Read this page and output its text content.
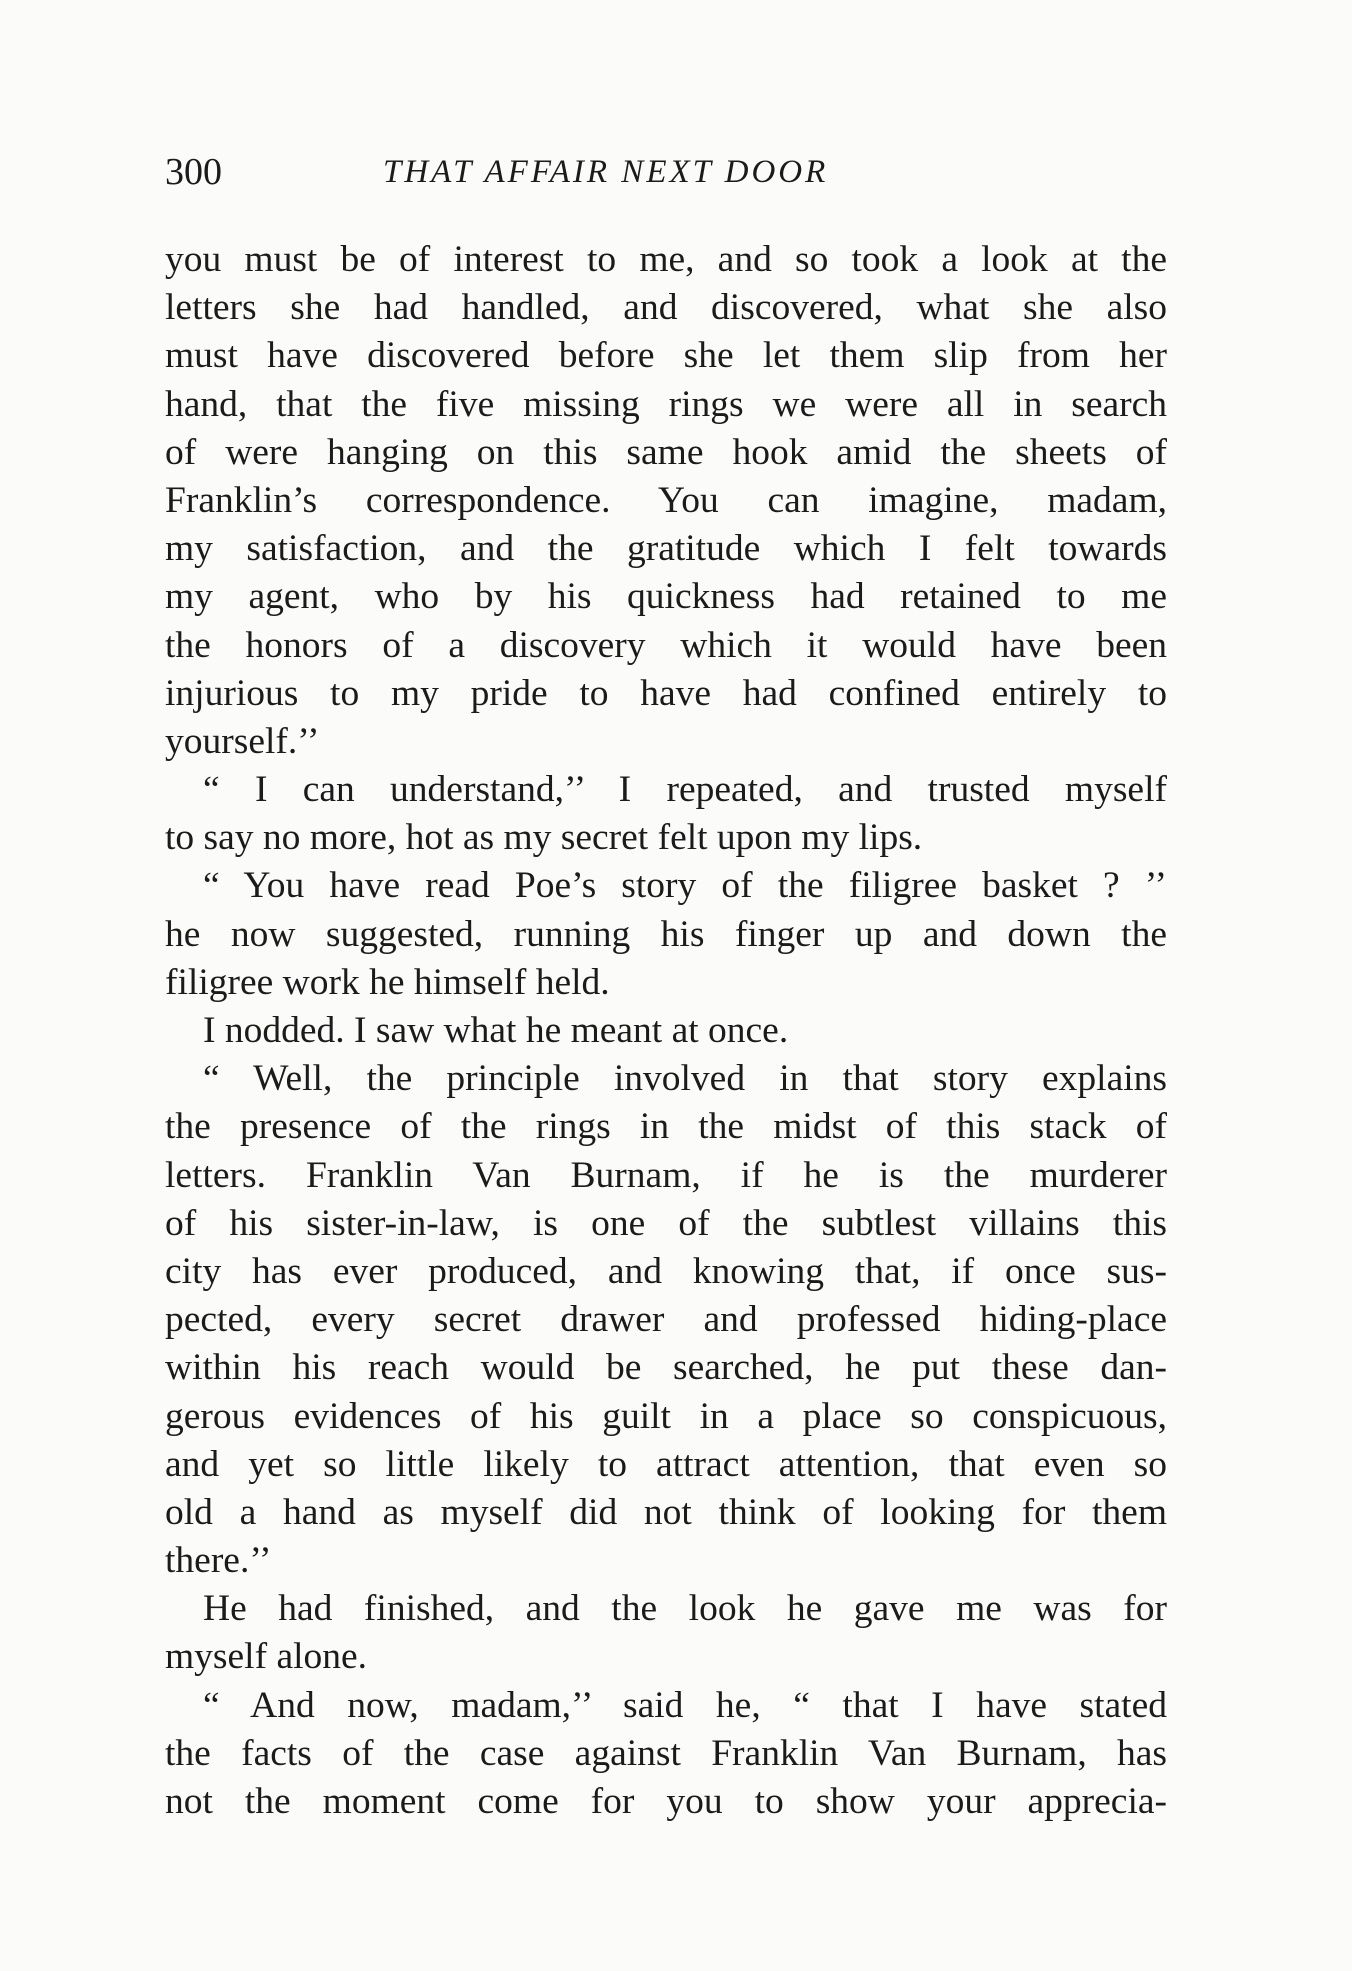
300	THAT AFFAIR NEXT DOOR
you must be of interest to me, and so took a look at the
letters she had handled, and discovered, what she also
must have discovered before she let them slip from her
hand, that the five missing rings we were all in search
of were hanging on this same hook amid the sheets of
Franklin’s correspondence. You can imagine, madam,
my satisfaction, and the gratitude which I felt towards
my agent, who by his quickness had retained to me
the honors of a discovery which it would have been
injurious to my pride to have had confined entirely to
yourself.’’
“ I can understand,’’ I repeated, and trusted myself
to say no more, hot as my secret felt upon my lips.
“ You have read Poe’s story of the filigree basket ? ’’
he now suggested, running his finger up and down the
filigree work he himself held.
I nodded. I saw what he meant at once.
“ Well, the principle involved in that story explains
the presence of the rings in the midst of this stack of
letters. Franklin Van Burnam, if he is the murderer
of his sister-in-law, is one of the subtlest villains this
city has ever produced, and knowing that, if once sus-
pected, every secret drawer and professed hiding-place
within his reach would be searched, he put these dan-
gerous evidences of his guilt in a place so conspicuous,
and yet so little likely to attract attention, that even so
old a hand as myself did not think of looking for them
there.’’
He had finished, and the look he gave me was for
myself alone.
“ And now, madam,’’ said he, “ that I have stated
the facts of the case against Franklin Van Burnam, has
not the moment come for you to show your apprecia-
